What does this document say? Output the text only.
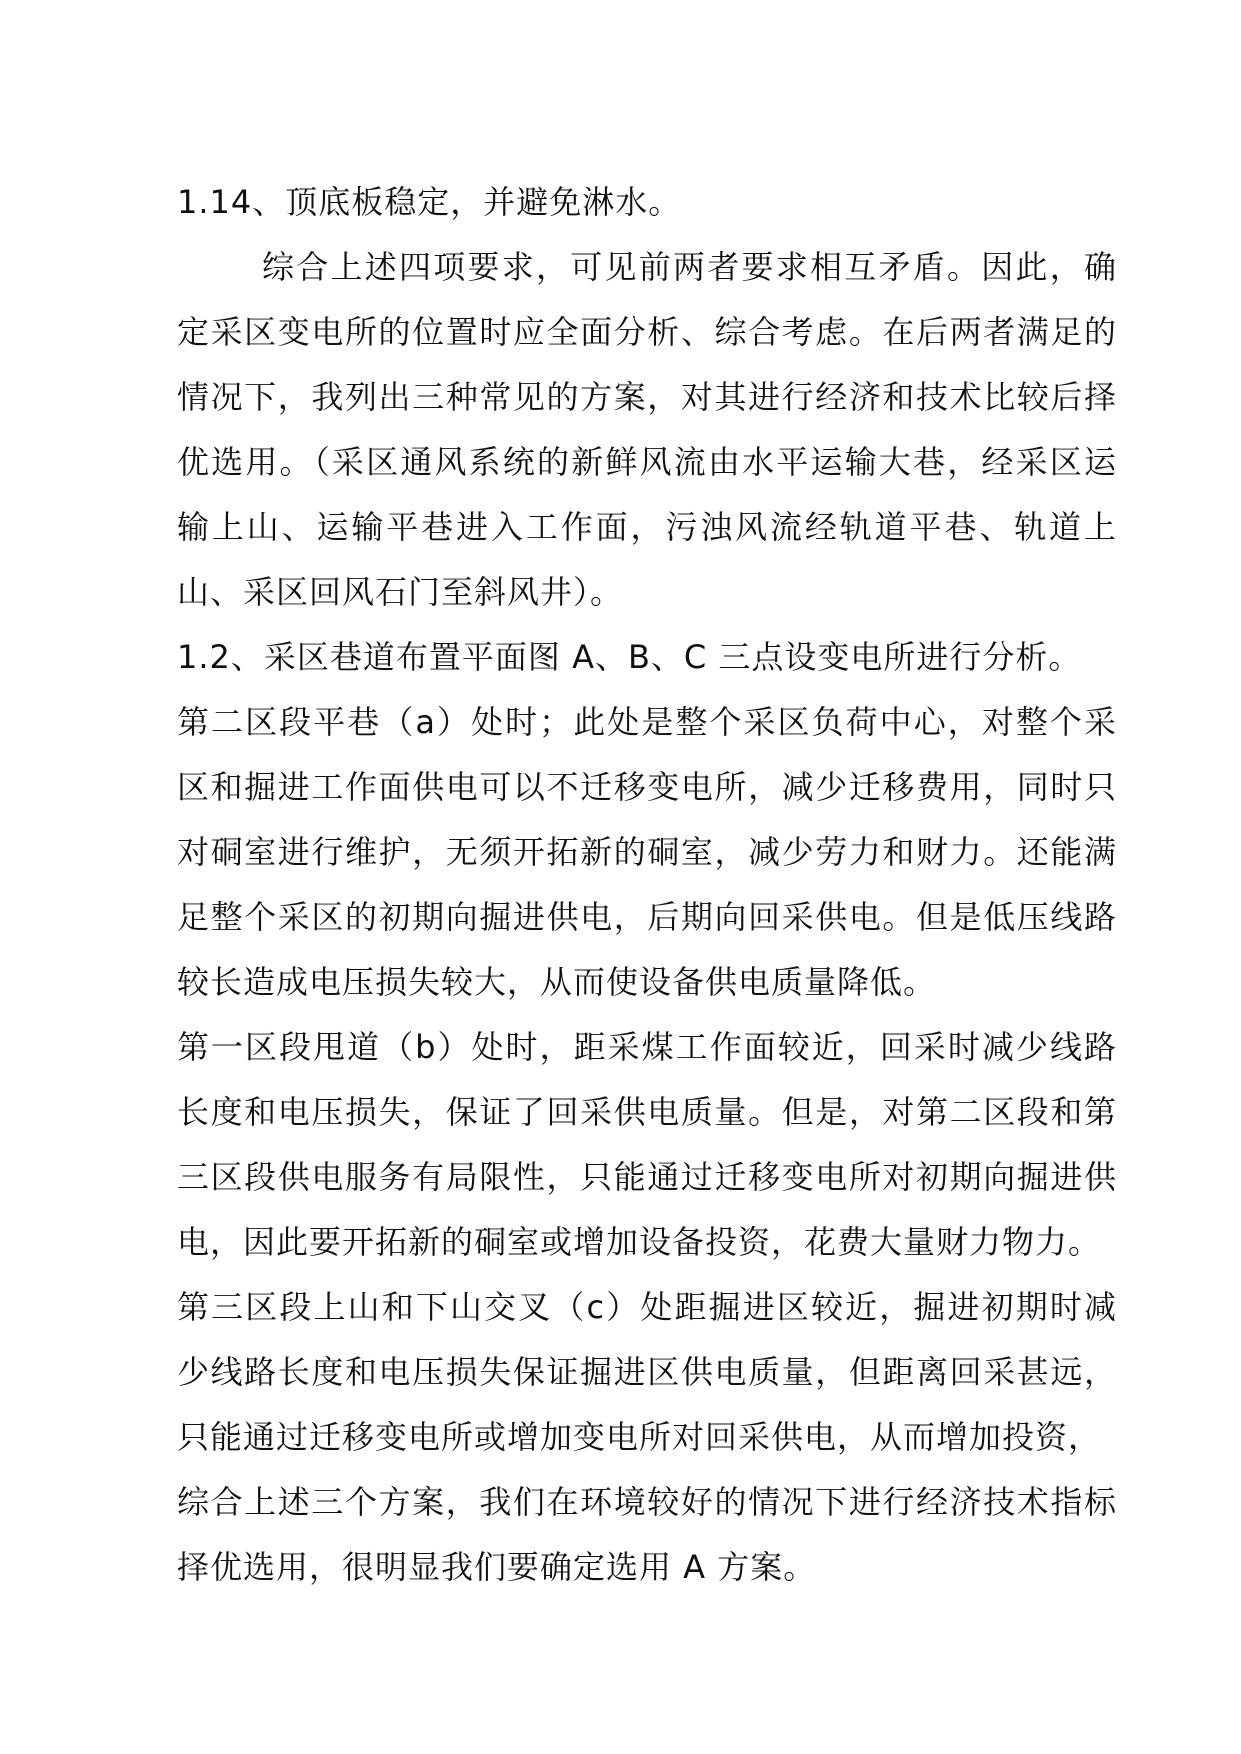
1.14、顶底板稳定，并避免淋水。

综合上述四项要求，可见前两者要求相互矛盾。因此，确定采区变电所的位置时应全面分析、综合考虑。在后两者满足的情况下，我列出三种常见的方案，对其进行经济和技术比较后择优选用。（采区通风系统的新鲜风流由水平运输大巷，经采区运输上山、运输平巷进入工作面，污浊风流经轨道平巷、轨道上山、采区回风石门至斜风井）。

1.2、采区巷道布置平面图 A、B、C 三点设变电所进行分析。

第二区段平巷（a）处时；此处是整个采区负荷中心，对整个采区和掘进工作面供电可以不迁移变电所，减少迁移费用，同时只对硐室进行维护，无须开拓新的硐室，减少劳力和财力。还能满足整个采区的初期向掘进供电，后期向回采供电。但是低压线路较长造成电压损失较大，从而使设备供电质量降低。

第一区段甩道（b）处时，距采煤工作面较近，回采时减少线路长度和电压损失，保证了回采供电质量。但是，对第二区段和第三区段供电服务有局限性，只能通过迁移变电所对初期向掘进供电，因此要开拓新的硐室或增加设备投资，花费大量财力物力。

第三区段上山和下山交叉（c）处距掘进区较近，掘进初期时减少线路长度和电压损失保证掘进区供电质量，但距离回采甚远，只能通过迁移变电所或增加变电所对回采供电，从而增加投资，

综合上述三个方案，我们在环境较好的情况下进行经济技术指标择优选用，很明显我们要确定选用 A 方案。
